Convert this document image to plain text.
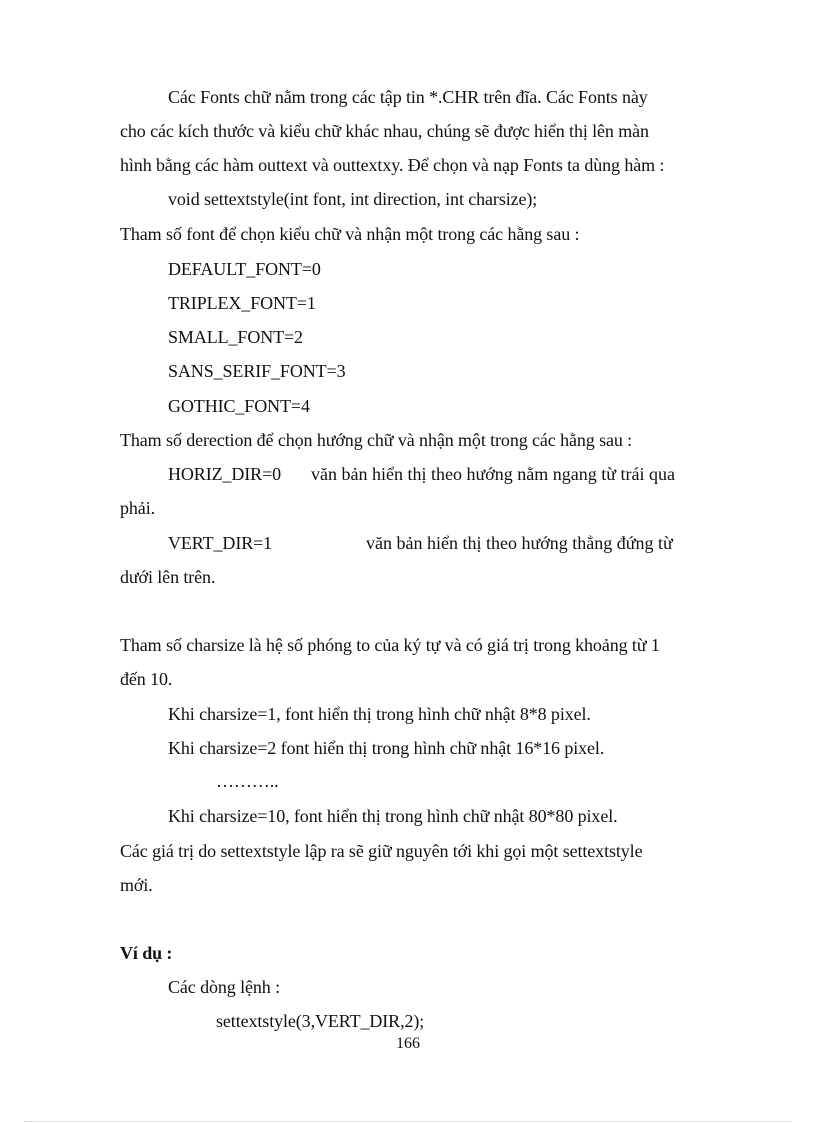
Các Fonts chữ nằm trong các tập tin *.CHR trên đĩa. Các Fonts này
cho các kích thước và kiểu chữ khác nhau, chúng sẽ được hiển thị lên màn
hình bằng các hàm outtext và outtextxy. Để chọn và nạp Fonts ta dùng hàm :
void settextstyle(int font, int direction, int charsize);
Tham số font để chọn kiểu chữ và nhận một trong các hằng sau :
DEFAULT_FONT=0
TRIPLEX_FONT=1
SMALL_FONT=2
SANS_SERIF_FONT=3
GOTHIC_FONT=4
Tham số derection để chọn hướng chữ và nhận một trong các hằng sau :
HORIZ_DIR=0 văn bản hiển thị theo hướng nằm ngang từ trái qua
phải.
VERT_DIR=1	văn bản hiển thị theo hướng thẳng đứng từ
dưới lên trên.
Tham số charsize là hệ số phóng to của ký tự và có giá trị trong khoảng từ 1
đến 10.
Khi charsize=1, font hiển thị trong hình chữ nhật 8*8 pixel.
Khi charsize=2 font hiển thị trong hình chữ nhật 16*16 pixel.
………..
Khi charsize=10, font hiển thị trong hình chữ nhật 80*80 pixel.
Các giá trị do settextstyle lập ra sẽ giữ nguyên tới khi gọi một settextstyle
mới.
Ví dụ :
Các dòng lệnh :
settextstyle(3,VERT_DIR,2);
166
